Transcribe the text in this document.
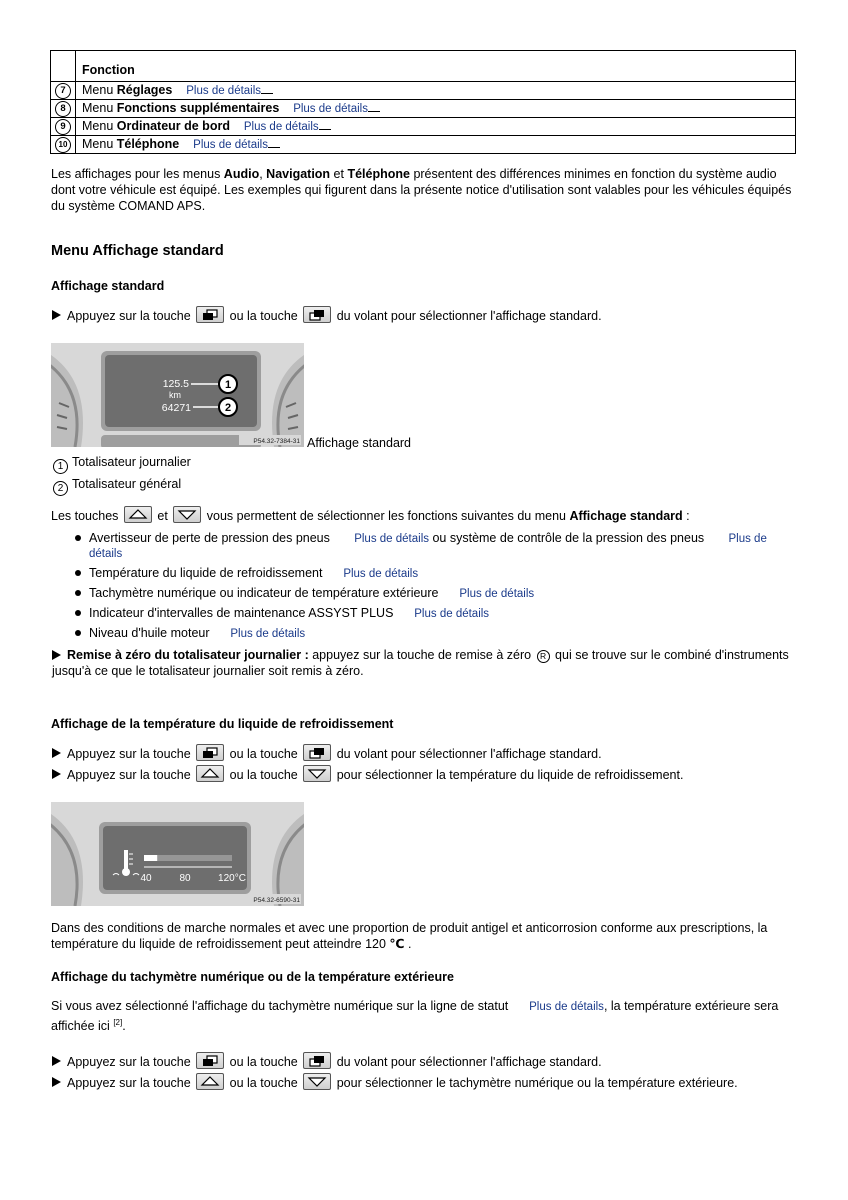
	Fonction
7	Menu Réglages Plus de détails
8	Menu Fonctions supplémentaires Plus de détails
9	Menu Ordinateur de bord Plus de détails
10	Menu Téléphone Plus de détails

Les affichages pour les menus Audio, Navigation et Téléphone présentent des différences minimes en fonction du système audio dont votre véhicule est équipé. Les exemples qui figurent dans la présente notice d'utilisation sont valables pour les véhicules équipés du système COMAND APS.

Menu Affichage standard
Affichage standard
Appuyez sur la touche	ou la touche	du volant pour sélectionner l'affichage standard.
125.5
km
64271
1
2
P54.32-7384-31 Affichage standard
1 Totalisateur journalier
2 Totalisateur général
Les touches	et	vous permettent de sélectionner les fonctions suivantes du menu Affichage standard :
Avertisseur de perte de pression des pneus Plus de détails ou système de contrôle de la pression des pneus Plus de détails
Température du liquide de refroidissement Plus de détails
Tachymètre numérique ou indicateur de température extérieure Plus de détails
Indicateur d'intervalles de maintenance ASSYST PLUS Plus de détails
Niveau d'huile moteur Plus de détails
Remise à zéro du totalisateur journalier : appuyez sur la touche de remise à zéro R qui se trouve sur le combiné d'instruments jusqu'à ce que le totalisateur journalier soit remis à zéro.
Affichage de la température du liquide de refroidissement
Appuyez sur la touche	ou la touche	du volant pour sélectionner l'affichage standard.
Appuyez sur la touche	ou la touche	pour sélectionner la température du liquide de refroidissement.
40	80	120°C
P54.32-6590-31

Dans des conditions de marche normales et avec une proportion de produit antigel et anticorrosion conforme aux prescriptions, la température du liquide de refroidissement peut atteindre 120 ℃ .

Affichage du tachymètre numérique ou de la température extérieure

Si vous avez sélectionné l'affichage du tachymètre numérique sur la ligne de statut Plus de détails, la température extérieure sera affichée ici [2].

Appuyez sur la touche	ou la touche	du volant pour sélectionner l'affichage standard.
Appuyez sur la touche	ou la touche	pour sélectionner le tachymètre numérique ou la température extérieure.
